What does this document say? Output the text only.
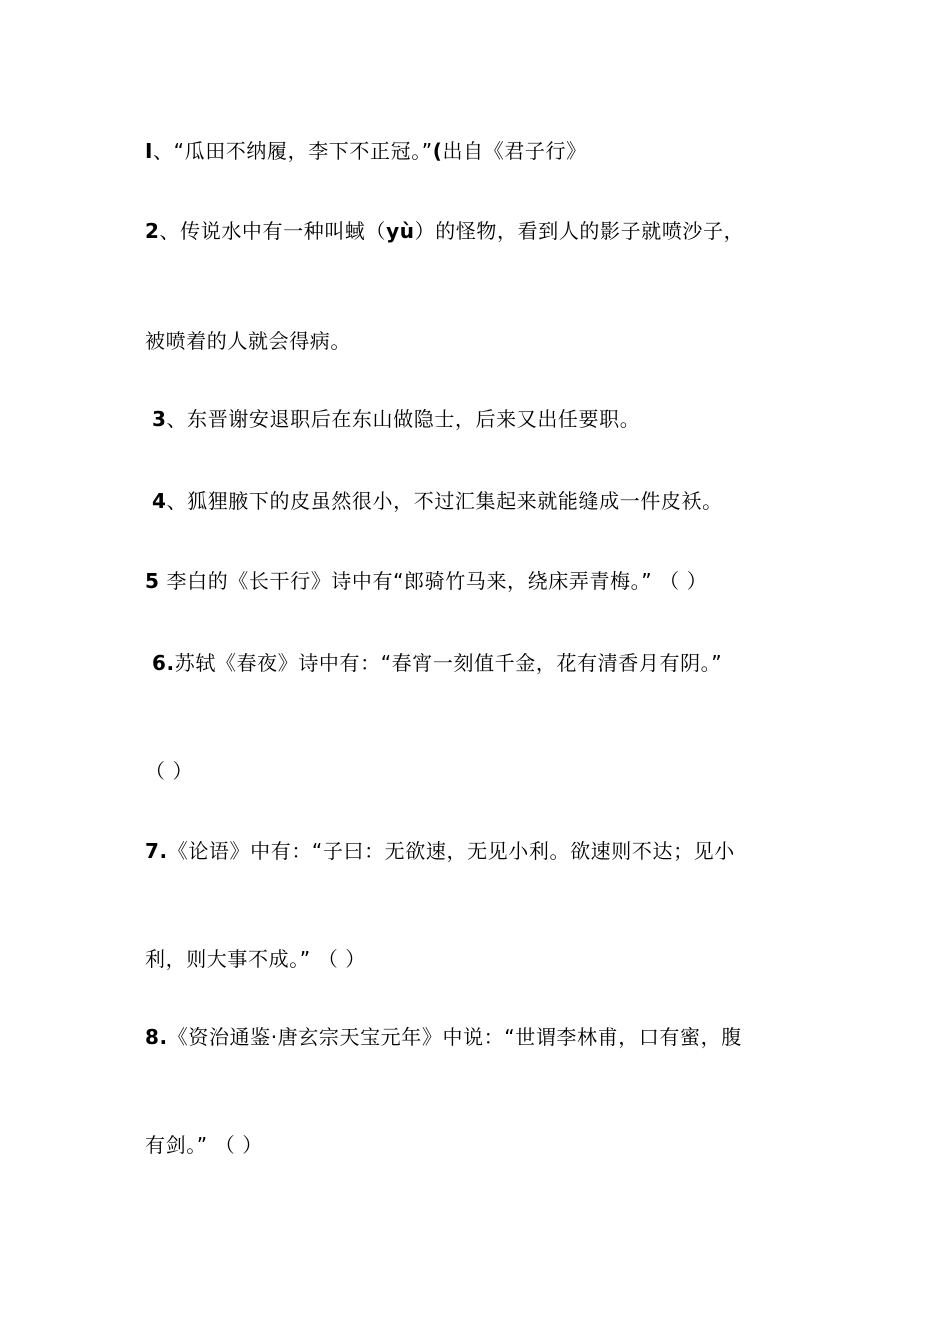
I、“瓜田不纳履，李下不正冠。”(出自《君子行》
2、传说水中有一种叫蜮（yù）的怪物，看到人的影子就喷沙子，
被喷着的人就会得病。
3、东晋谢安退职后在东山做隐士，后来又出任要职。
4、狐狸腋下的皮虽然很小，不过汇集起来就能缝成一件皮袄。
5 李白的《长干行》诗中有“郎骑竹马来，绕床弄青梅。” （ ）
6.苏轼《春夜》诗中有：“春宵一刻值千金，花有清香月有阴。”
（ ）
7.《论语》中有：“子曰：无欲速，无见小利。欲速则不达；见小
利，则大事不成。” （ ）
8.《资治通鉴·唐玄宗天宝元年》中说：“世谓李林甫，口有蜜，腹
有剑。” （ ）
